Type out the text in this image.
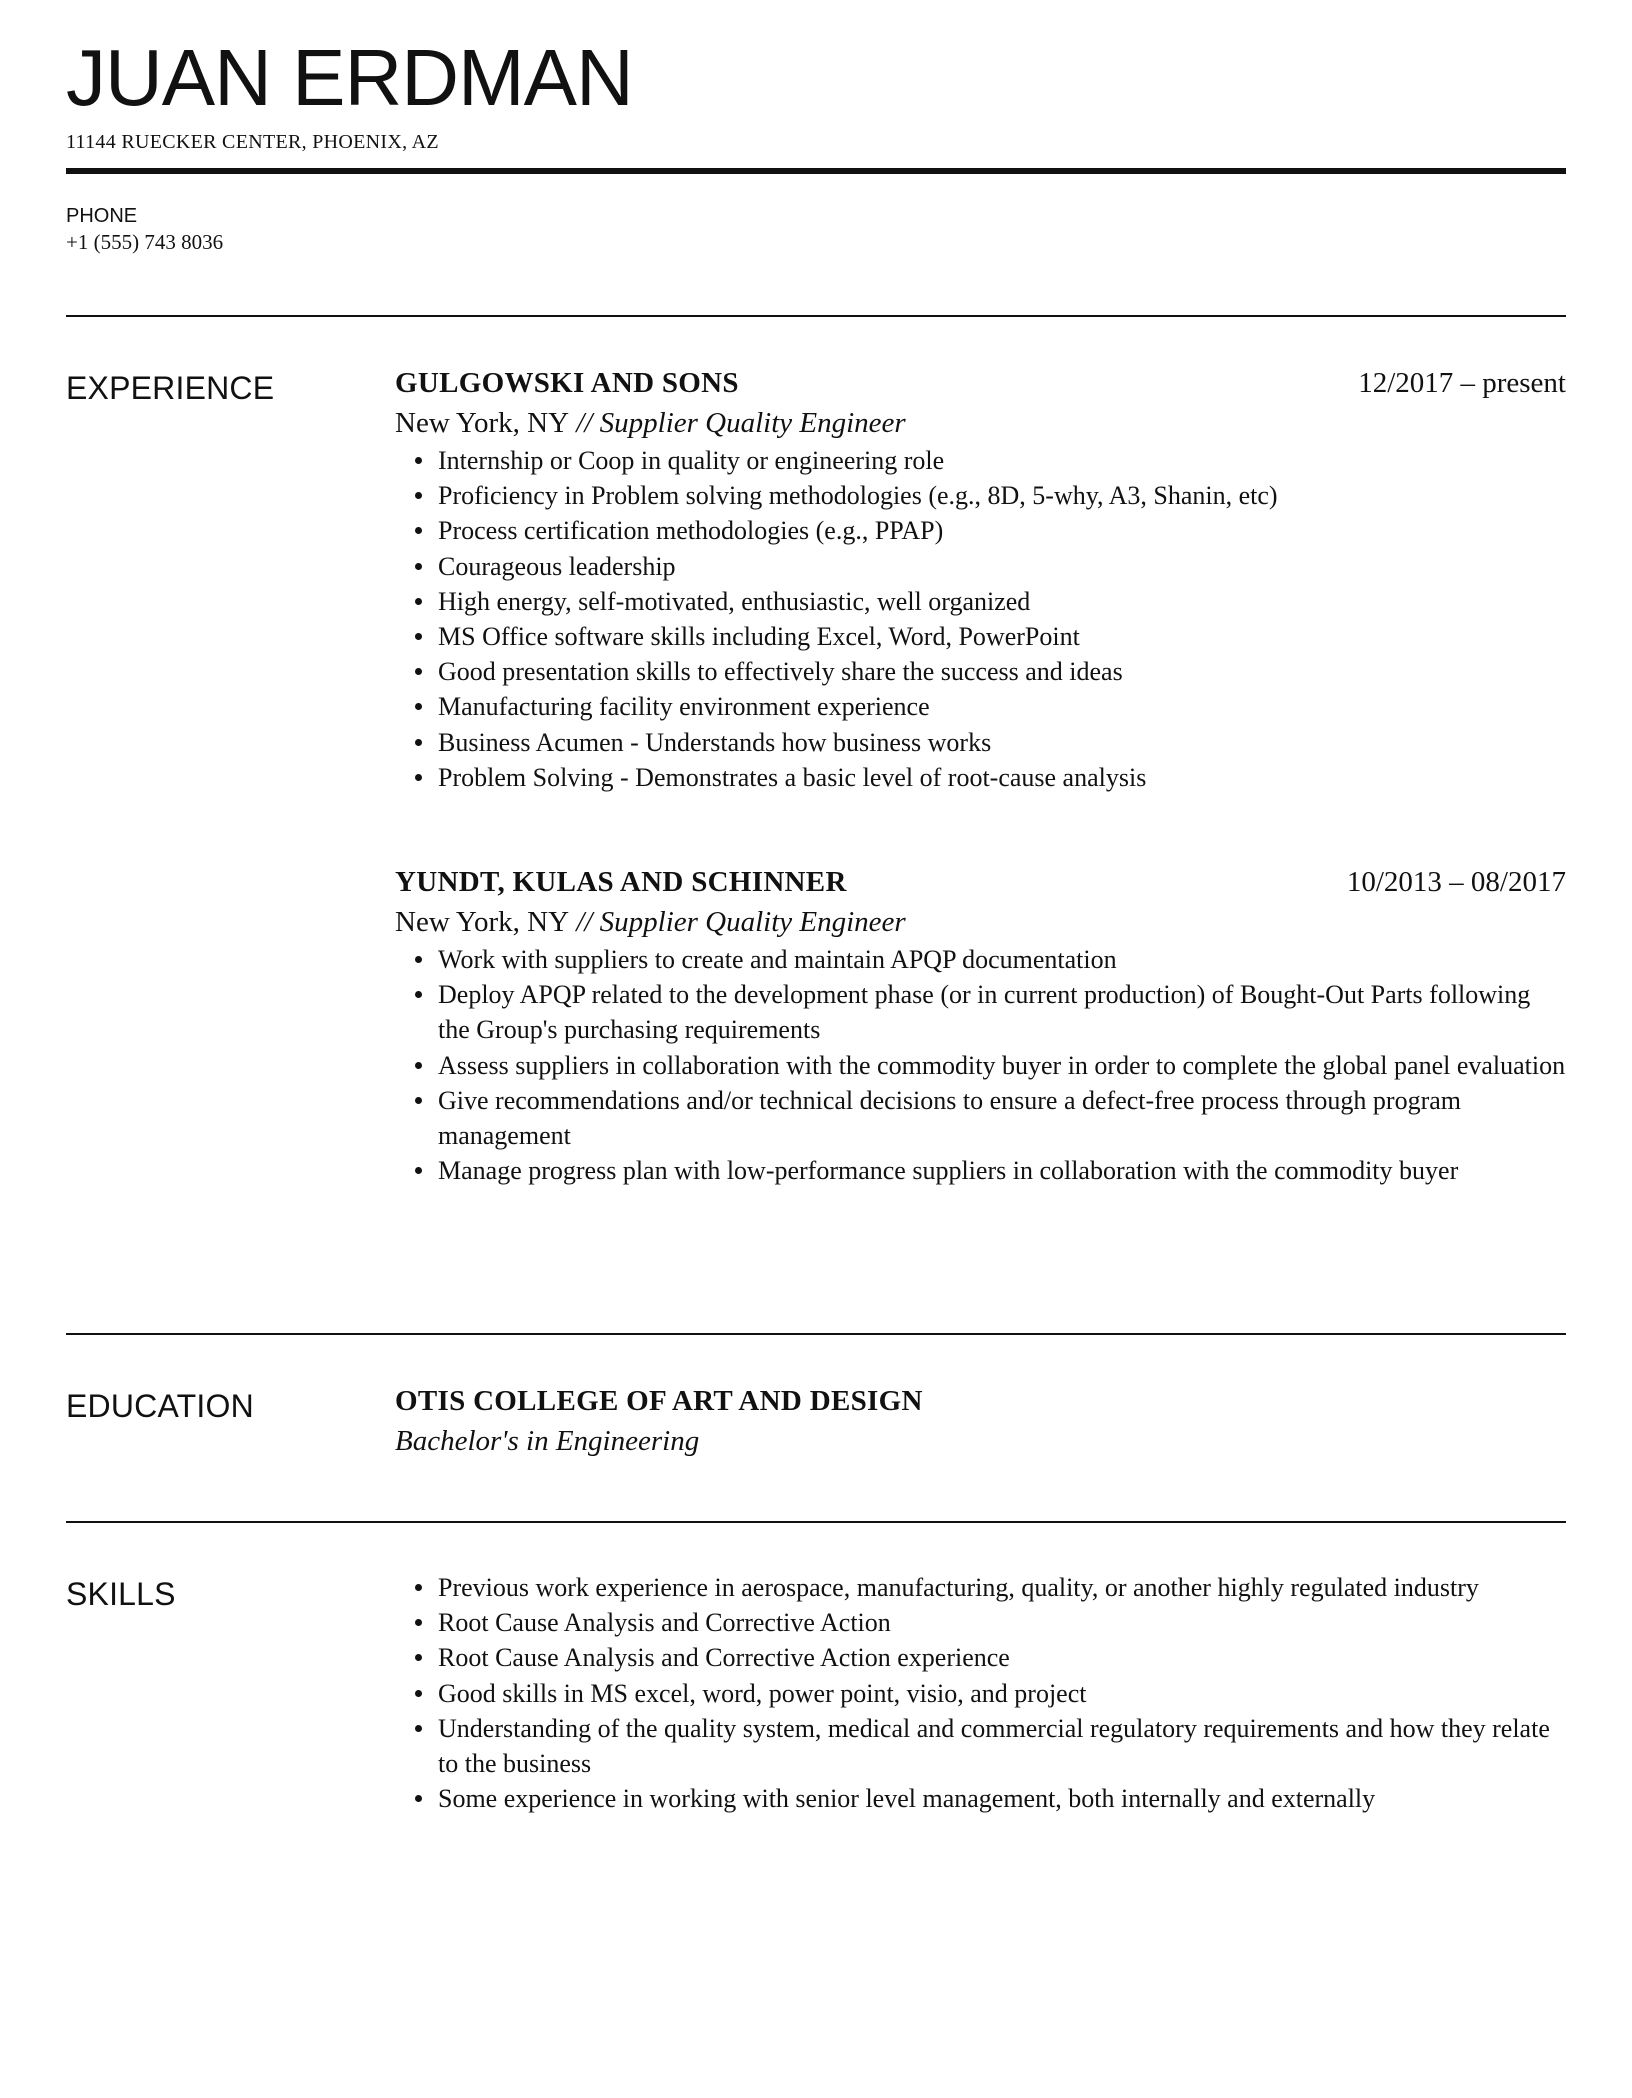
JUAN ERDMAN
11144 RUECKER CENTER, PHOENIX, AZ
PHONE
+1 (555) 743 8036
EXPERIENCE	GULGOWSKI AND SONS	12/2017 – present
New York, NY // Supplier Quality Engineer
Internship or Coop in quality or engineering role
Proficiency in Problem solving methodologies (e.g., 8D, 5-why, A3, Shanin, etc)
Process certification methodologies (e.g., PPAP)
Courageous leadership
High energy, self-motivated, enthusiastic, well organized
MS Office software skills including Excel, Word, PowerPoint
Good presentation skills to effectively share the success and ideas
Manufacturing facility environment experience
Business Acumen - Understands how business works
Problem Solving - Demonstrates a basic level of root-cause analysis
YUNDT, KULAS AND SCHINNER	10/2013 – 08/2017
New York, NY // Supplier Quality Engineer
Work with suppliers to create and maintain APQP documentation
Deploy APQP related to the development phase (or in current production) of Bought-Out Parts following the Group's purchasing requirements
Assess suppliers in collaboration with the commodity buyer in order to complete the global panel evaluation
Give recommendations and/or technical decisions to ensure a defect-free process through program management
Manage progress plan with low-performance suppliers in collaboration with the commodity buyer
EDUCATION	OTIS COLLEGE OF ART AND DESIGN
Bachelor's in Engineering
SKILLS	Previous work experience in aerospace, manufacturing, quality, or another highly regulated industry
Root Cause Analysis and Corrective Action
Root Cause Analysis and Corrective Action experience
Good skills in MS excel, word, power point, visio, and project
Understanding of the quality system, medical and commercial regulatory requirements and how they relate to the business
Some experience in working with senior level management, both internally and externally
